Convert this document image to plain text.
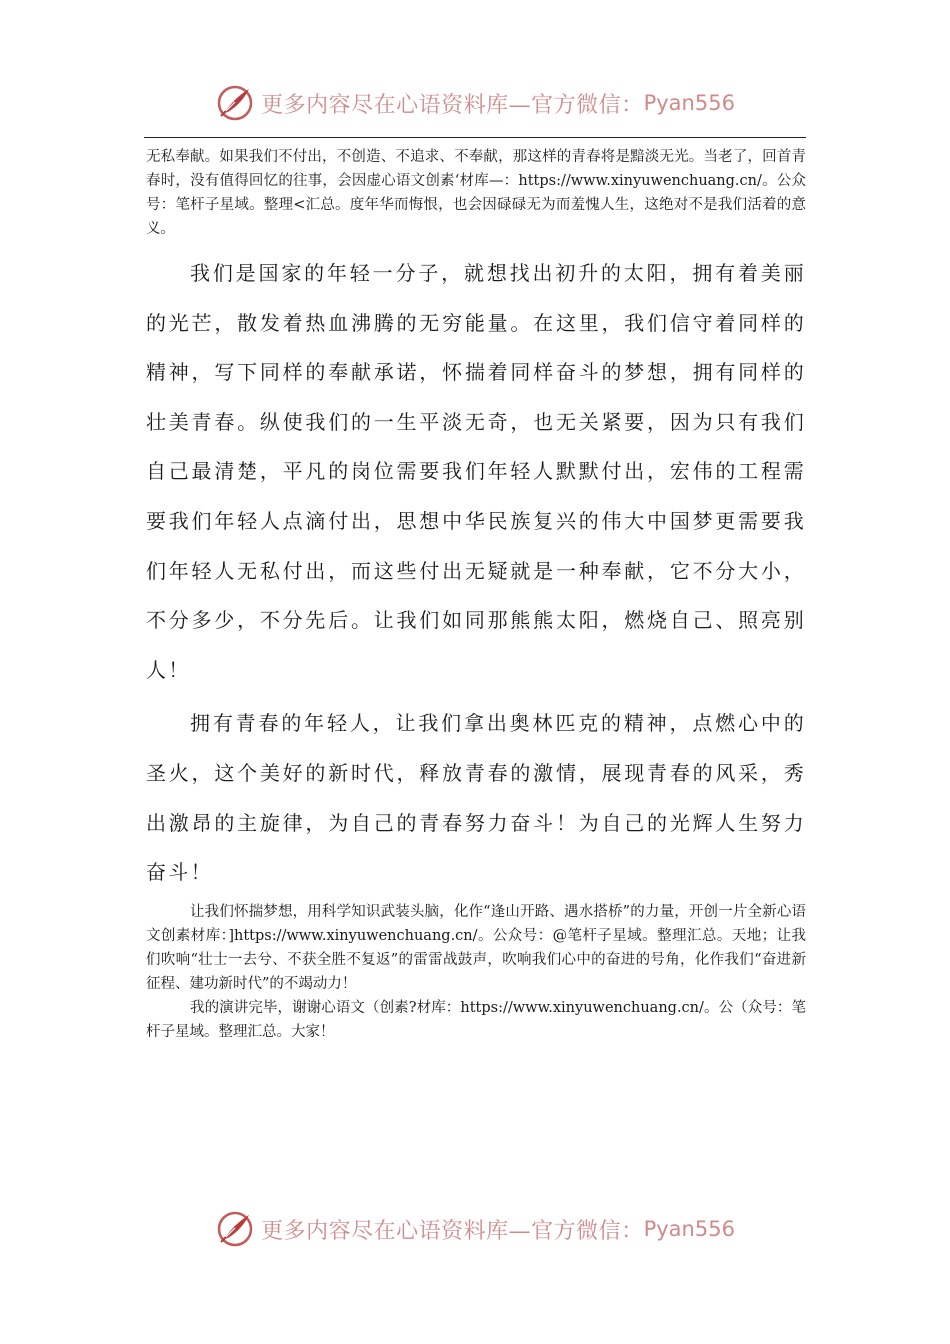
更多内容尽在心语资料库—官方微信： Pyan556

无私奉献。如果我们不付出，不创造、不追求、不奉献，那这样的青春将是黯淡无光。当老了，回首青春时，没有值得回忆的往事，会因虚心语文创素‘材库—：https://www.xinyuwenchuang.cn/。公众号：笔杆子星域。整理<汇总。度年华而悔恨，也会因碌碌无为而羞愧人生，这绝对不是我们活着的意义。

我们是国家的年轻一分子，就想找出初升的太阳，拥有着美丽的光芒，散发着热血沸腾的无穷能量。在这里，我们信守着同样的精神，写下同样的奉献承诺，怀揣着同样奋斗的梦想，拥有同样的壮美青春。纵使我们的一生平淡无奇，也无关紧要，因为只有我们自己最清楚，平凡的岗位需要我们年轻人默默付出，宏伟的工程需要我们年轻人点滴付出，思想中华民族复兴的伟大中国梦更需要我们年轻人无私付出，而这些付出无疑就是一种奉献，它不分大小，不分多少，不分先后。让我们如同那熊熊太阳，燃烧自己、照亮别人！

拥有青春的年轻人，让我们拿出奥林匹克的精神，点燃心中的圣火，这个美好的新时代，释放青春的激情，展现青春的风采，秀出激昂的主旋律，为自己的青春努力奋斗！为自己的光辉人生努力奋斗！

让我们怀揣梦想，用科学知识武装头脑，化作“逢山开路、遇水搭桥”的力量，开创一片全新心语文创素材库：]https://www.xinyuwenchuang.cn/。公众号：@笔杆子星域。整理汇总。天地；让我们吹响“壮士一去兮、不获全胜不复返”的雷雷战鼓声，吹响我们心中的奋进的号角，化作我们“奋进新征程、建功新时代”的不竭动力！

我的演讲完毕，谢谢心语文（创素?材库：https://www.xinyuwenchuang.cn/。公（众号：笔杆子星域。整理汇总。大家！

更多内容尽在心语资料库—官方微信： Pyan556
